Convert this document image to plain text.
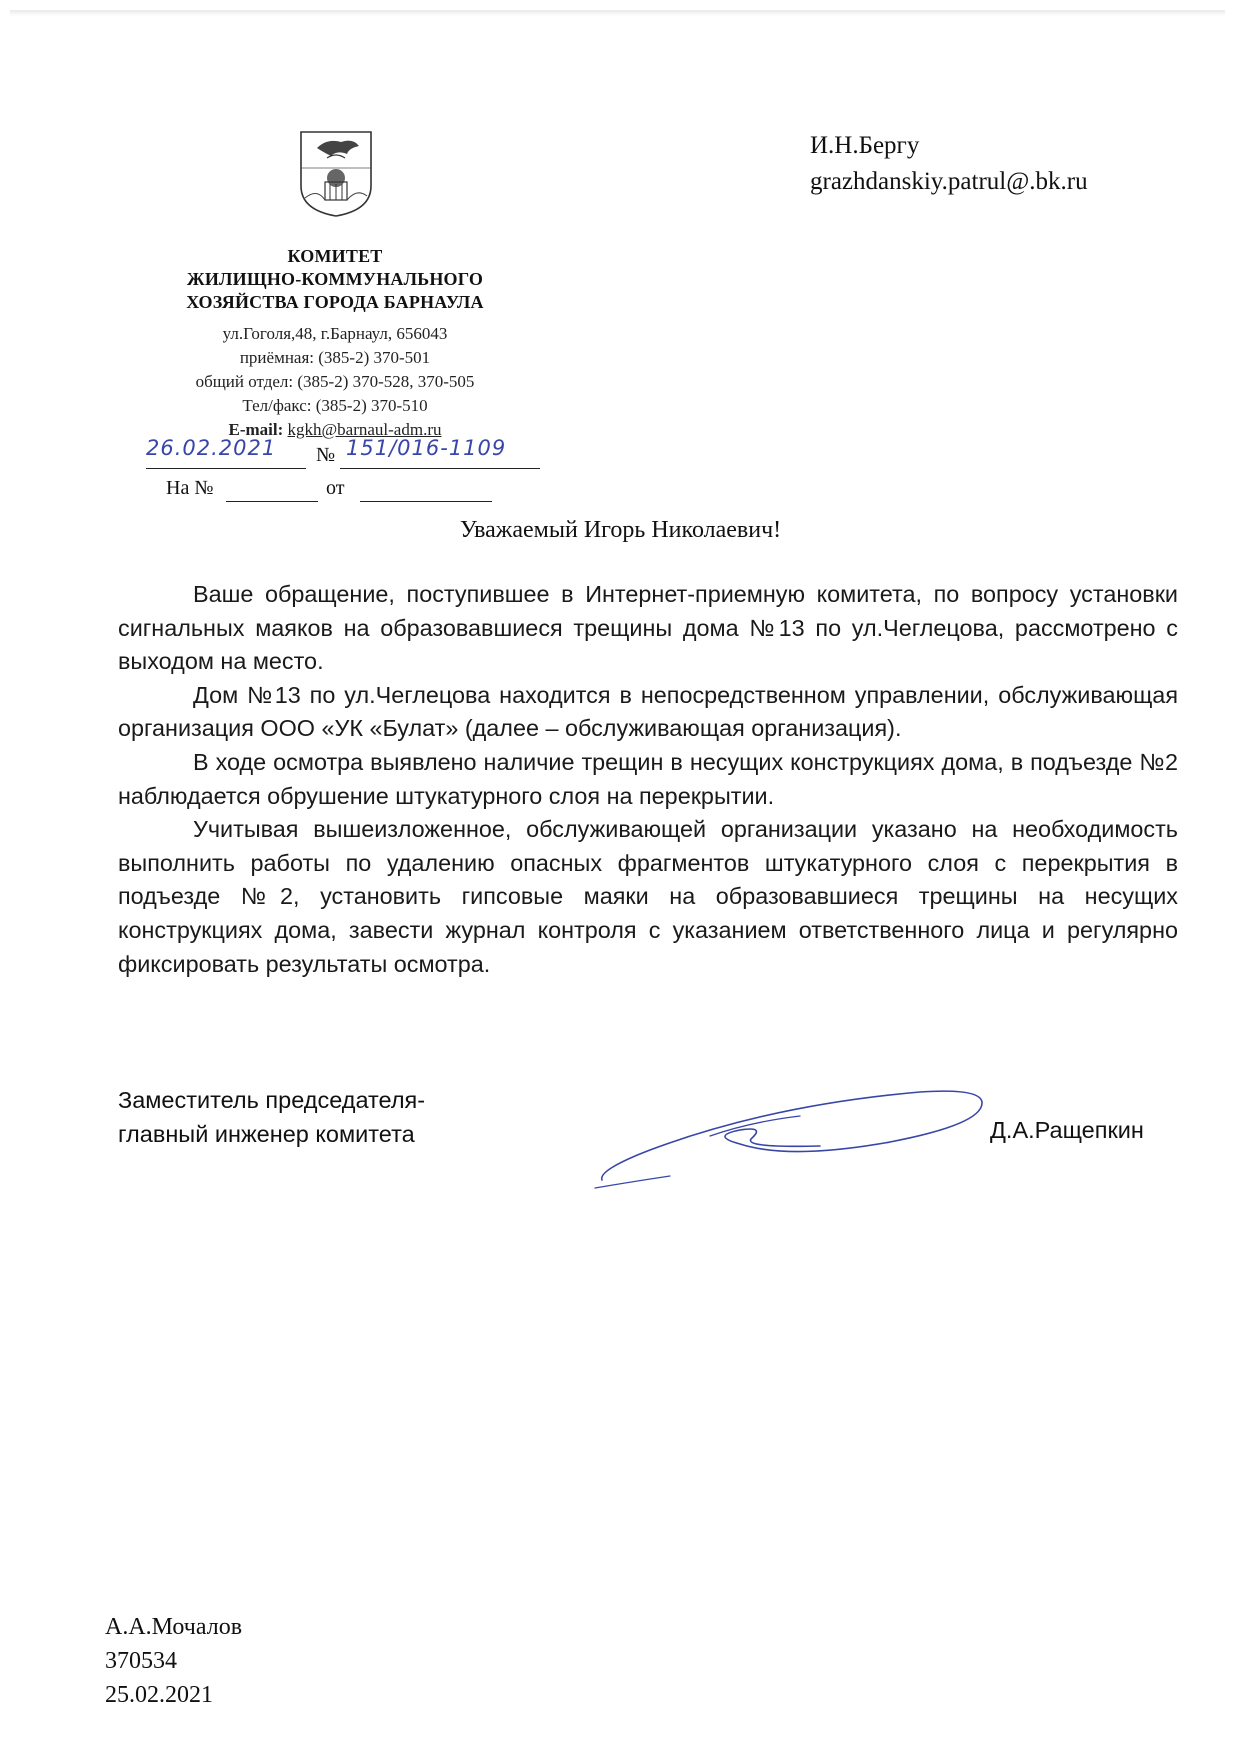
КОМИТЕТ
ЖИЛИЩНО-КОММУНАЛЬНОГО
ХОЗЯЙСТВА ГОРОДА БАРНАУЛА
ул.Гоголя,48, г.Барнаул, 656043
приёмная: (385-2) 370-501
общий отдел: (385-2) 370-528, 370-505
Тел/факс: (385-2) 370-510
E-mail: kgkh@barnaul-adm.ru
26.02.2021 № 151/016-1109
На №	от
И.Н.Бергу
grazhdanskiy.patrul@.bk.ru
Уважаемый Игорь Николаевич!

Ваше обращение, поступившее в Интернет-приемную комитета, по вопросу установки сигнальных маяков на образовавшиеся трещины дома №13 по ул.Чеглецова, рассмотрено с выходом на место.

Дом №13 по ул.Чеглецова находится в непосредственном управлении, обслуживающая организация ООО «УК «Булат» (далее – обслуживающая организация).

В ходе осмотра выявлено наличие трещин в несущих конструкциях дома, в подъезде №2 наблюдается обрушение штукатурного слоя на перекрытии.

Учитывая вышеизложенное, обслуживающей организации указано на необходимость выполнить работы по удалению опасных фрагментов штукатурного слоя с перекрытия в подъезде №2, установить гипсовые маяки на образовавшиеся трещины на несущих конструкциях дома, завести журнал контроля с указанием ответственного лица и регулярно фиксировать результаты осмотра.

Заместитель председателя-
главный инженер комитета	Д.А.Ращепкин
А.А.Мочалов
370534
25.02.2021
